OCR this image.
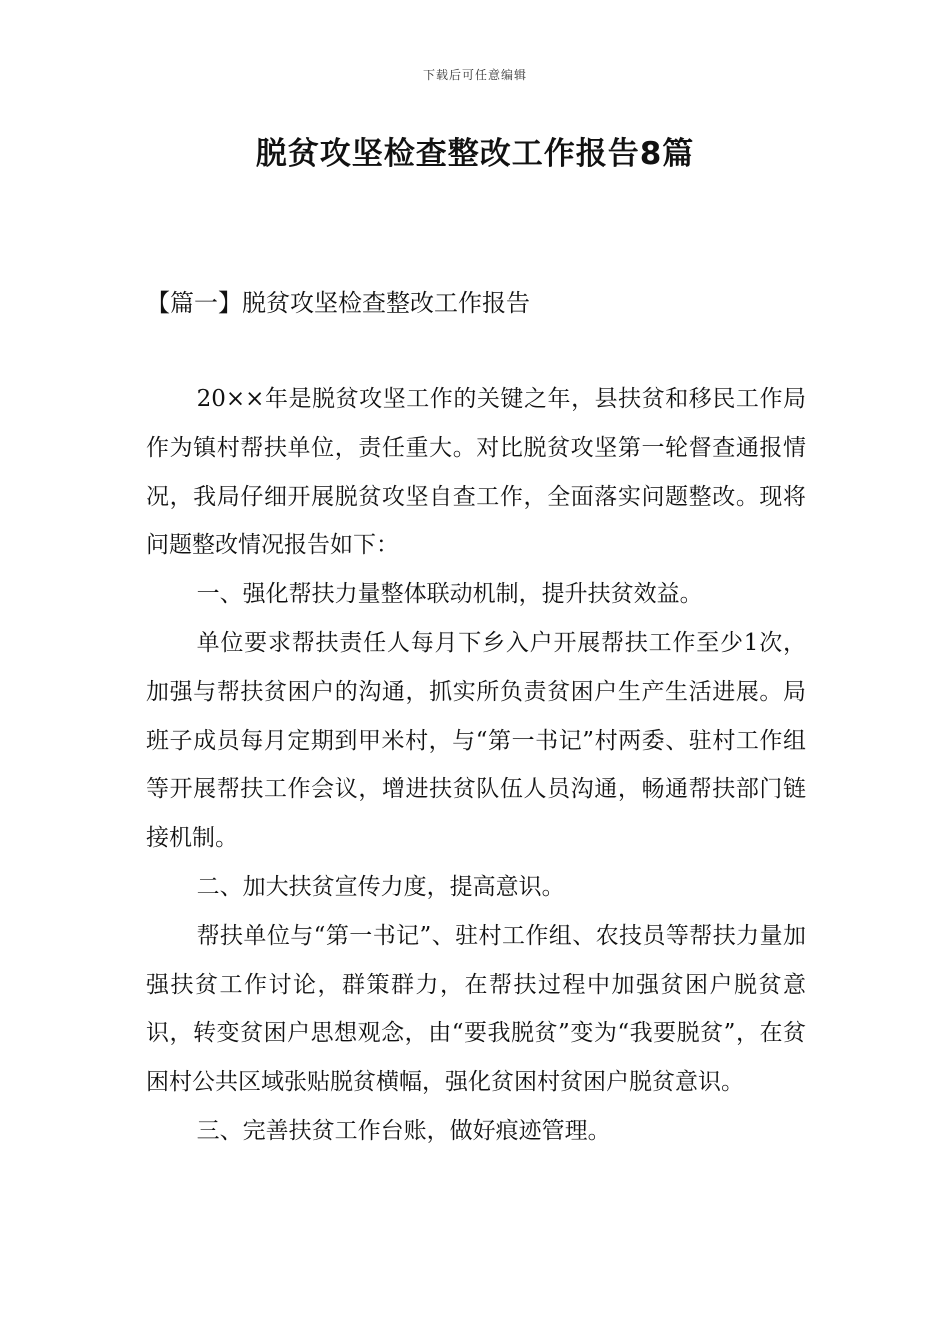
下载后可任意编辑
脱贫攻坚检查整改工作报告8篇
【篇一】脱贫攻坚检查整改工作报告

20××年是脱贫攻坚工作的关键之年，县扶贫和移民工作局作为镇村帮扶单位，责任重大。对比脱贫攻坚第一轮督查通报情况，我局仔细开展脱贫攻坚自查工作，全面落实问题整改。现将问题整改情况报告如下：

一、强化帮扶力量整体联动机制，提升扶贫效益。

单位要求帮扶责任人每月下乡入户开展帮扶工作至少1次，加强与帮扶贫困户的沟通，抓实所负责贫困户生产生活进展。局班子成员每月定期到甲米村，与“第一书记”村两委、驻村工作组等开展帮扶工作会议，增进扶贫队伍人员沟通，畅通帮扶部门链接机制。

二、加大扶贫宣传力度，提高意识。

帮扶单位与“第一书记”、驻村工作组、农技员等帮扶力量加强扶贫工作讨论，群策群力，在帮扶过程中加强贫困户脱贫意识，转变贫困户思想观念，由“要我脱贫”变为“我要脱贫”，在贫困村公共区域张贴脱贫横幅，强化贫困村贫困户脱贫意识。

三、完善扶贫工作台账，做好痕迹管理。
